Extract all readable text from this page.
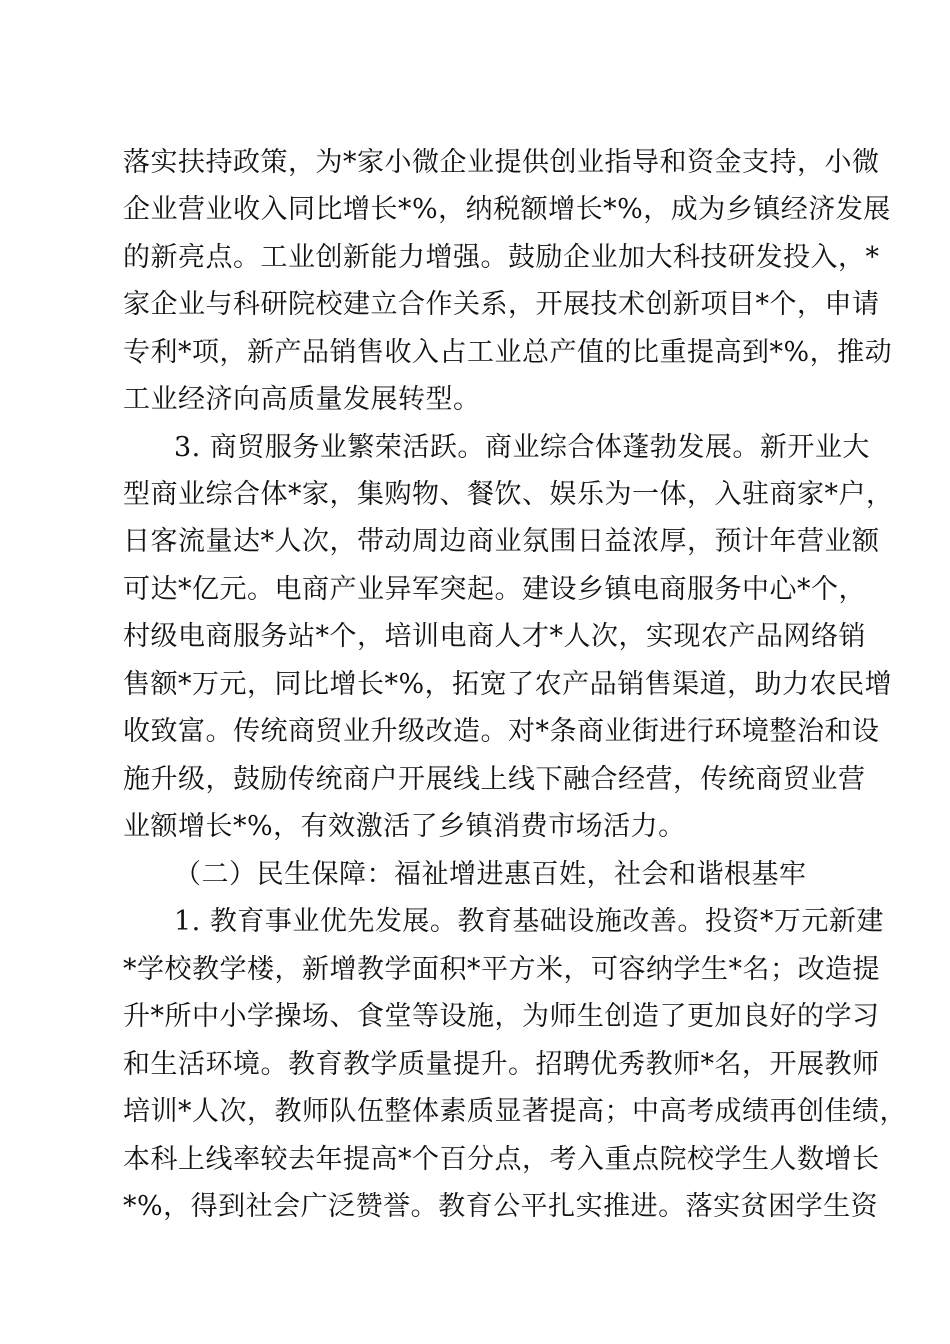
落实扶持政策，为*家小微企业提供创业指导和资金支持，小微
企业营业收入同比增长*%，纳税额增长*%，成为乡镇经济发展
的新亮点。工业创新能力增强。鼓励企业加大科技研发投入，*
家企业与科研院校建立合作关系，开展技术创新项目*个，申请
专利*项，新产品销售收入占工业总产值的比重提高到*%，推动
工业经济向高质量发展转型。
3. 商贸服务业繁荣活跃。商业综合体蓬勃发展。新开业大
型商业综合体*家，集购物、餐饮、娱乐为一体，入驻商家*户，
日客流量达*人次，带动周边商业氛围日益浓厚，预计年营业额
可达*亿元。电商产业异军突起。建设乡镇电商服务中心*个，
村级电商服务站*个，培训电商人才*人次，实现农产品网络销
售额*万元，同比增长*%，拓宽了农产品销售渠道，助力农民增
收致富。传统商贸业升级改造。对*条商业街进行环境整治和设
施升级，鼓励传统商户开展线上线下融合经营，传统商贸业营
业额增长*%，有效激活了乡镇消费市场活力。
（二）民生保障：福祉增进惠百姓，社会和谐根基牢
1. 教育事业优先发展。教育基础设施改善。投资*万元新建
*学校教学楼，新增教学面积*平方米，可容纳学生*名；改造提
升*所中小学操场、食堂等设施，为师生创造了更加良好的学习
和生活环境。教育教学质量提升。招聘优秀教师*名，开展教师
培训*人次，教师队伍整体素质显著提高；中高考成绩再创佳绩，
本科上线率较去年提高*个百分点，考入重点院校学生人数增长
*%，得到社会广泛赞誉。教育公平扎实推进。落实贫困学生资
